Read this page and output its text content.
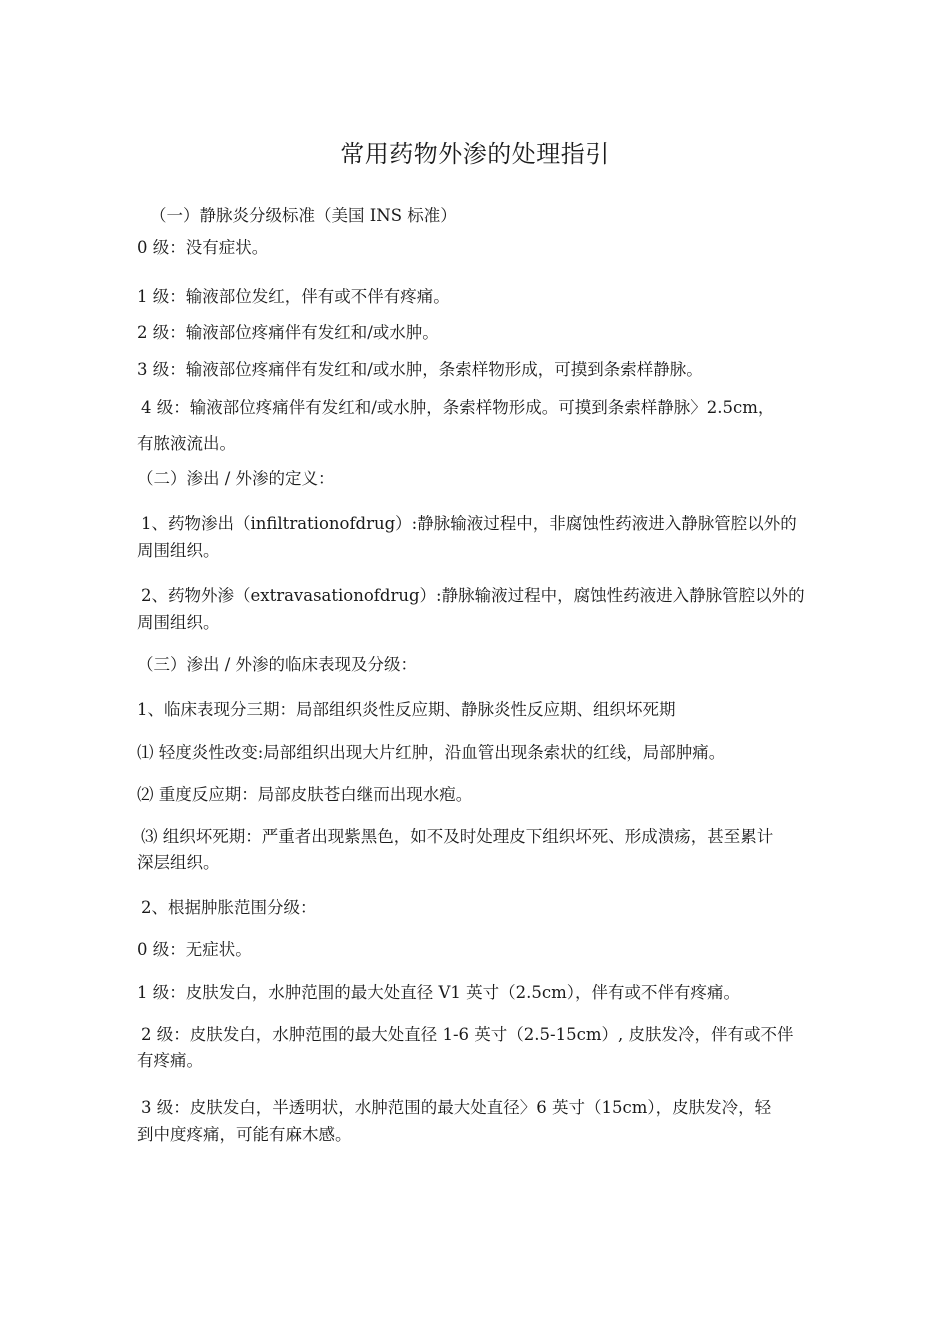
常用药物外渗的处理指引
（一）静脉炎分级标准（美国 INS 标准）
0 级：没有症状。
1 级：输液部位发红，伴有或不伴有疼痛。
2 级：输液部位疼痛伴有发红和/或水肿。
3 级：输液部位疼痛伴有发红和/或水肿，条索样物形成，可摸到条索样静脉。
4 级：输液部位疼痛伴有发红和/或水肿，条索样物形成。可摸到条索样静脉〉2.5cm，
有脓液流出。
（二）渗出 / 外渗的定义：
1、药物渗出（infiltrationofdrug）:静脉输液过程中，非腐蚀性药液进入静脉管腔以外的
周围组织。
2、药物外渗（extravasationofdrug）:静脉输液过程中，腐蚀性药液进入静脉管腔以外的
周围组织。
（三）渗出 / 外渗的临床表现及分级：
1、临床表现分三期：局部组织炎性反应期、静脉炎性反应期、组织坏死期
⑴ 轻度炎性改变:局部组织出现大片红肿，沿血管出现条索状的红线，局部肿痛。
⑵ 重度反应期：局部皮肤苍白继而出现水疱。
⑶ 组织坏死期：严重者出现紫黑色，如不及时处理皮下组织坏死、形成溃疡，甚至累计
深层组织。
2、根据肿胀范围分级：
0 级：无症状。
1 级：皮肤发白，水肿范围的最大处直径 V1 英寸（2.5cm），伴有或不伴有疼痛。
2 级：皮肤发白，水肿范围的最大处直径 1-6 英寸（2.5-15cm）, 皮肤发冷，伴有或不伴
有疼痛。
3 级：皮肤发白，半透明状，水肿范围的最大处直径〉6 英寸（15cm），皮肤发冷，轻
到中度疼痛，可能有麻木感。
